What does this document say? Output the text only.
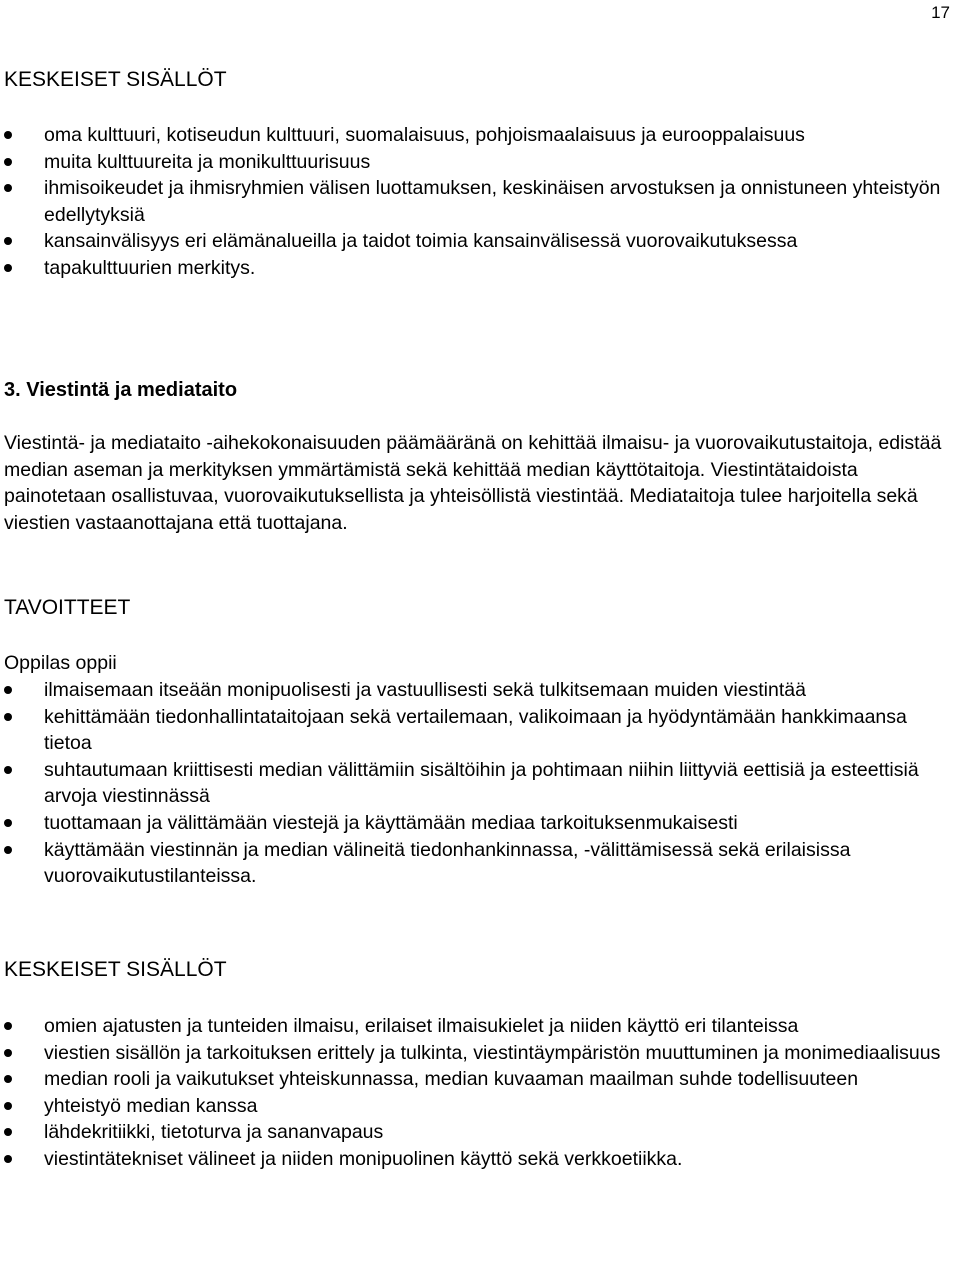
17
KESKEISET SISÄLLÖT
oma kulttuuri, kotiseudun kulttuuri, suomalaisuus, pohjoismaalaisuus ja eurooppalaisuus
muita kulttuureita ja monikulttuurisuus
ihmisoikeudet ja ihmisryhmien välisen luottamuksen, keskinäisen arvostuksen ja onnistuneen yhteistyön edellytyksiä
kansainvälisyys eri elämänalueilla ja taidot toimia kansainvälisessä vuorovaikutuksessa
tapakulttuurien merkitys.
3. Viestintä ja mediataito
Viestintä- ja mediataito -aihekokonaisuuden päämääränä on kehittää ilmaisu- ja vuorovaikutustaitoja, edistää median aseman ja merkityksen ymmärtämistä sekä kehittää median käyttötaitoja. Viestintätaidoista painotetaan osallistuvaa, vuorovaikutuksellista ja yhteisöllistä viestintää. Mediataitoja tulee harjoitella sekä viestien vastaanottajana että tuottajana.
TAVOITTEET
Oppilas oppii
ilmaisemaan itseään monipuolisesti ja vastuullisesti sekä tulkitsemaan muiden viestintää
kehittämään tiedonhallintataitojaan sekä vertailemaan, valikoimaan ja hyödyntämään hankkimaansa tietoa
suhtautumaan kriittisesti median välittämiin sisältöihin ja pohtimaan niihin liittyviä eettisiä ja esteettisiä arvoja viestinnässä
tuottamaan ja välittämään viestejä ja käyttämään mediaa tarkoituksenmukaisesti
käyttämään viestinnän ja median välineitä tiedonhankinnassa, -välittämisessä sekä erilaisissa vuorovaikutustilanteissa.
KESKEISET SISÄLLÖT
omien ajatusten ja tunteiden ilmaisu, erilaiset ilmaisukielet ja niiden käyttö eri tilanteissa
viestien sisällön ja tarkoituksen erittely ja tulkinta, viestintäympäristön muuttuminen ja monimediaalisuus
median rooli ja vaikutukset yhteiskunnassa, median kuvaaman maailman suhde todellisuuteen
yhteistyö median kanssa
lähdekritiikki, tietoturva ja sananvapaus
viestintätekniset välineet ja niiden monipuolinen käyttö sekä verkkoetiikka.
